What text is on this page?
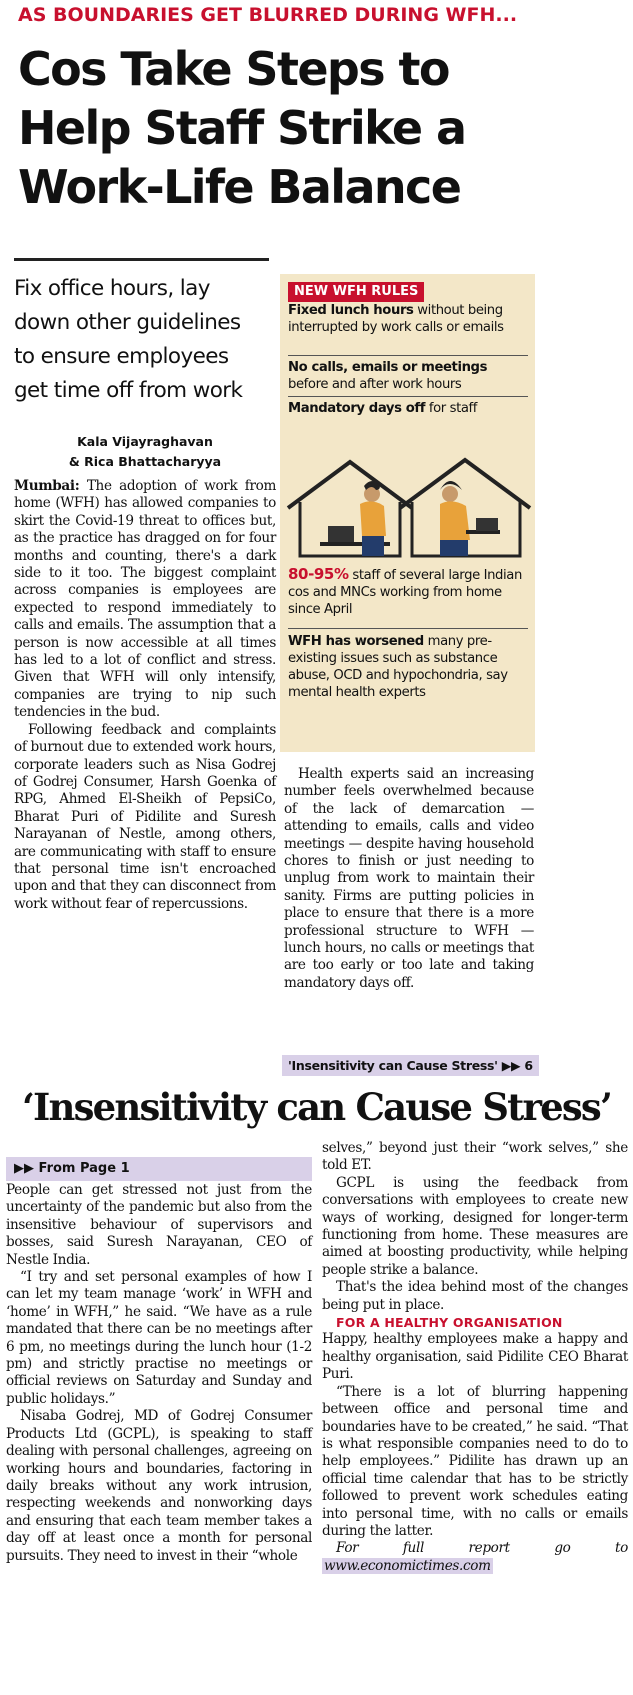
AS BOUNDARIES GET BLURRED DURING WFH...
Cos Take Steps to
Help Staff Strike a
Work-Life Balance
Fix office hours, lay
down other guidelines
to ensure employees
get time off from work
Kala Vijayraghavan
& Rica Bhattacharyya

Mumbai: The adoption of work from home (WFH) has allowed companies to skirt the Covid-19 threat to offices but, as the practice has dragged on for four months and counting, there's a dark side to it too. The biggest complaint across companies is employees are expected to respond immediately to calls and emails. The assumption that a person is now accessible at all times has led to a lot of conflict and stress. Given that WFH will only intensify, companies are trying to nip such tendencies in the bud.

Following feedback and complaints of burnout due to extended work hours, corporate leaders such as Nisa Godrej of Godrej Consumer, Harsh Goenka of RPG, Ahmed El-Sheikh of PepsiCo, Bharat Puri of Pidilite and Suresh Narayanan of Nestle, among others, are communicating with staff to ensure that personal time isn't encroached upon and that they can disconnect from work without fear of repercussions.

NEW WFH RULES
Fixed lunch hours without being interrupted by work calls or emails
No calls, emails or meetings before and after work hours
Mandatory days off for staff
80-95% staff of several large Indian cos and MNCs working from home since April
WFH has worsened many pre-existing issues such as substance abuse, OCD and hypochondria, say mental health experts

Health experts said an increasing number feels overwhelmed because of the lack of demarcation — attending to emails, calls and video meetings — despite having household chores to finish or just needing to unplug from work to maintain their sanity. Firms are putting policies in place to ensure that there is a more professional structure to WFH — lunch hours, no calls or meetings that are too early or too late and taking mandatory days off.

'Insensitivity can Cause Stress' ▶▶ 6
‘Insensitivity can Cause Stress’
▶▶ From Page 1

People can get stressed not just from the uncertainty of the pandemic but also from the insensitive behaviour of supervisors and bosses, said Suresh Narayanan, CEO of Nestle India.

“I try and set personal examples of how I can let my team manage ‘work’ in WFH and ‘home’ in WFH,” he said. “We have as a rule mandated that there can be no meetings after 6 pm, no meetings during the lunch hour (1-2 pm) and strictly practise no meetings or official reviews on Saturday and Sunday and public holidays.”

Nisaba Godrej, MD of Godrej Consumer Products Ltd (GCPL), is speaking to staff dealing with personal challenges, agreeing on working hours and boundaries, factoring in daily breaks without any work intrusion, respecting weekends and nonworking days and ensuring that each team member takes a day off at least once a month for personal pursuits. They need to invest in their “whole

selves,” beyond just their “work selves,” she told ET.

GCPL is using the feedback from conversations with employees to create new ways of working, designed for longer-term functioning from home. These measures are aimed at boosting productivity, while helping people strike a balance.

That's the idea behind most of the changes being put in place.

FOR A HEALTHY ORGANISATION

Happy, healthy employees make a happy and healthy organisation, said Pidilite CEO Bharat Puri.

“There is a lot of blurring happening between office and personal time and boundaries have to be created,” he said. “That is what responsible companies need to do to help employees.” Pidilite has drawn up an official time calendar that has to be strictly followed to prevent work schedules eating into personal time, with no calls or emails during the latter.

For full report go to www.economictimes.com
